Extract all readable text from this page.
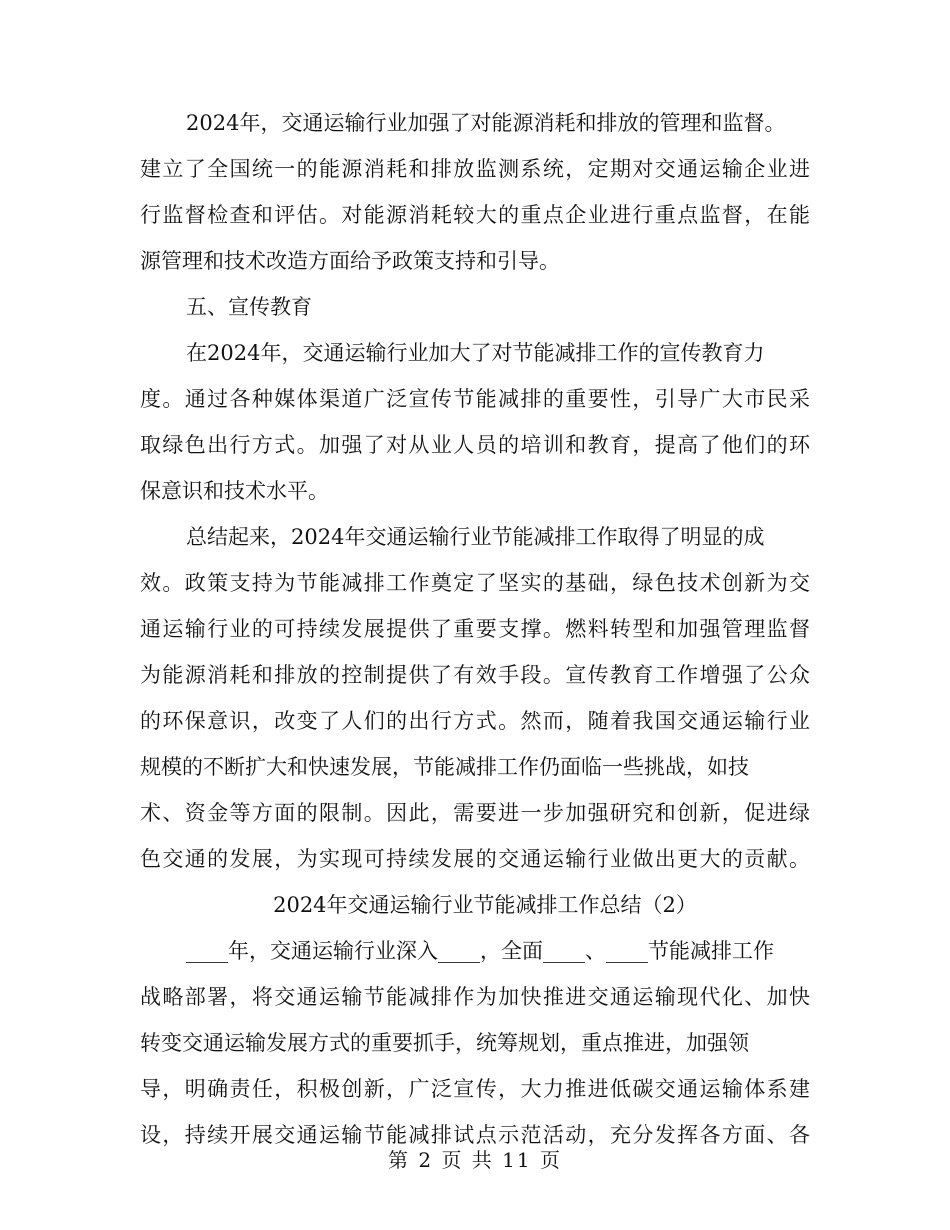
2024年，交通运输行业加强了对能源消耗和排放的管理和监督。
建立了全国统一的能源消耗和排放监测系统，定期对交通运输企业进
行监督检查和评估。对能源消耗较大的重点企业进行重点监督，在能
源管理和技术改造方面给予政策支持和引导。
五、宣传教育
在2024年，交通运输行业加大了对节能减排工作的宣传教育力
度。通过各种媒体渠道广泛宣传节能减排的重要性，引导广大市民采
取绿色出行方式。加强了对从业人员的培训和教育，提高了他们的环
保意识和技术水平。
总结起来，2024年交通运输行业节能减排工作取得了明显的成
效。政策支持为节能减排工作奠定了坚实的基础，绿色技术创新为交
通运输行业的可持续发展提供了重要支撑。燃料转型和加强管理监督
为能源消耗和排放的控制提供了有效手段。宣传教育工作增强了公众
的环保意识，改变了人们的出行方式。然而，随着我国交通运输行业
规模的不断扩大和快速发展，节能减排工作仍面临一些挑战，如技
术、资金等方面的限制。因此，需要进一步加强研究和创新，促进绿
色交通的发展，为实现可持续发展的交通运输行业做出更大的贡献。
2024年交通运输行业节能减排工作总结（2）
____年，交通运输行业深入____，全面____、____节能减排工作
战略部署，将交通运输节能减排作为加快推进交通运输现代化、加快
转变交通运输发展方式的重要抓手，统筹规划，重点推进，加强领
导，明确责任，积极创新，广泛宣传，大力推进低碳交通运输体系建
设，持续开展交通运输节能减排试点示范活动，充分发挥各方面、各
第 2 页 共 11 页
